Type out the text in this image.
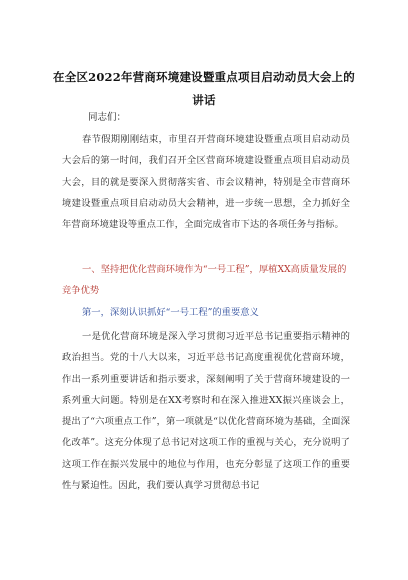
在全区2022年营商环境建设暨重点项目启动动员大会上的
讲话
同志们：
春节假期刚刚结束，市里召开营商环境建设暨重点项目启动动员大会后的第一时间，我们召开全区营商环境建设暨重点项目启动动员大会，目的就是要深入贯彻落实省、市会议精神，特别是全市营商环境建设暨重点项目启动动员大会精神，进一步统一思想，全力抓好全年营商环境建设等重点工作，全面完成省市下达的各项任务与指标。
一、坚持把优化营商环境作为“一号工程”，厚植XX高质量发展的竞争优势
第一，深刻认识抓好“一号工程”的重要意义
一是优化营商环境是深入学习贯彻习近平总书记重要指示精神的政治担当。党的十八大以来，习近平总书记高度重视优化营商环境，作出一系列重要讲话和指示要求，深刻阐明了关于营商环境建设的一系列重大问题。特别是在XX考察时和在深入推进XX振兴座谈会上，提出了“六项重点工作”，第一项就是“以优化营商环境为基础，全面深化改革”。这充分体现了总书记对这项工作的重视与关心，充分说明了这项工作在振兴发展中的地位与作用，也充分彰显了这项工作的重要性与紧迫性。因此，我们要认真学习贯彻总书记
